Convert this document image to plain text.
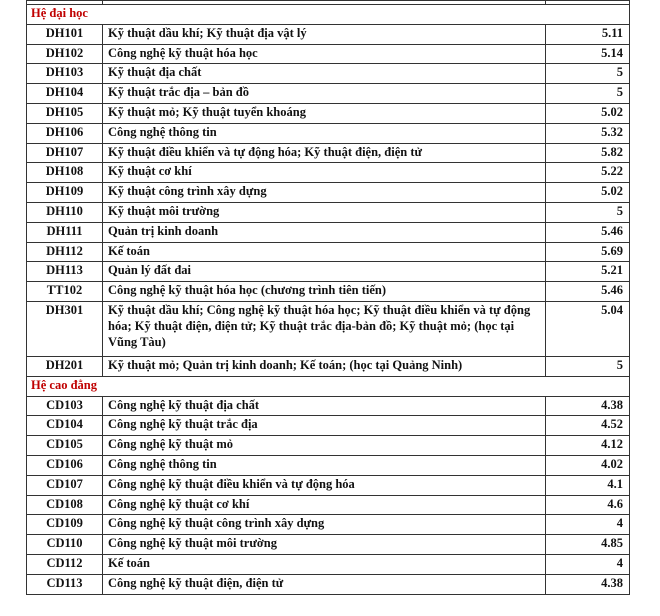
Hệ đại học		
DH101	Kỹ thuật dầu khí; Kỹ thuật địa vật lý	5.11
DH102	Công nghệ kỹ thuật hóa học	5.14
DH103	Kỹ thuật địa chất	5
DH104	Kỹ thuật trắc địa – bản đồ	5
DH105	Kỹ thuật mỏ; Kỹ thuật tuyển khoáng	5.02
DH106	Công nghệ thông tin	5.32
DH107	Kỹ thuật điều khiển và tự động hóa; Kỹ thuật điện, điện tử	5.82
DH108	Kỹ thuật cơ khí	5.22
DH109	Kỹ thuật công trình xây dựng	5.02
DH110	Kỹ thuật môi trường	5
DH111	Quản trị kinh doanh	5.46
DH112	Kế toán	5.69
DH113	Quản lý đất đai	5.21
TT102	Công nghệ kỹ thuật hóa học (chương trình tiên tiến)	5.46
DH301	Kỹ thuật dầu khí; Công nghệ kỹ thuật hóa học; Kỹ thuật điều khiển và tự động hóa; Kỹ thuật điện, điện tử; Kỹ thuật trắc địa-bản đồ; Kỹ thuật mỏ; (học tại Vũng Tàu)	5.04
DH201	Kỹ thuật mỏ; Quản trị kinh doanh; Kế toán; (học tại Quảng Ninh)	5
Hệ cao đẳng		
CD103	Công nghệ kỹ thuật địa chất	4.38
CD104	Công nghệ kỹ thuật trắc địa	4.52
CD105	Công nghệ kỹ thuật mỏ	4.12
CD106	Công nghệ thông tin	4.02
CD107	Công nghệ kỹ thuật điều khiển và tự động hóa	4.1
CD108	Công nghệ kỹ thuật cơ khí	4.6
CD109	Công nghệ kỹ thuật công trình xây dựng	4
CD110	Công nghệ kỹ thuật môi trường	4.85
CD112	Kế toán	4
CD113	Công nghệ kỹ thuật điện, điện tử	4.38
